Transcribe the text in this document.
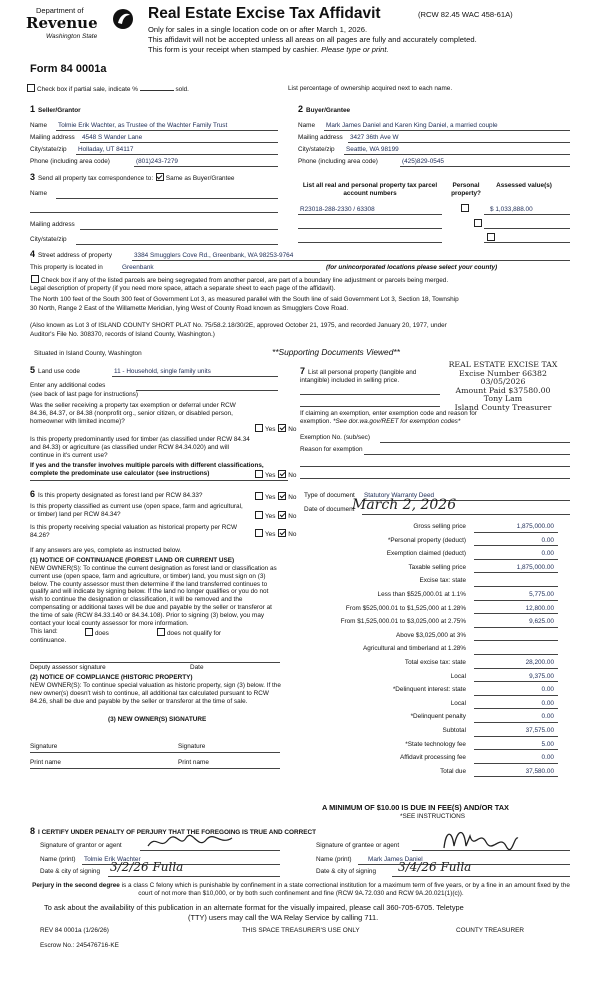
Department of
Revenue
Washington State
Form 84 0001a
Real Estate Excise Tax Affidavit	(RCW 82.45 WAC 458-61A)
Only for sales in a single location code on or after March 1, 2026.
This affidavit will not be accepted unless all areas on all pages are fully and accurately completed.
This form is your receipt when stamped by cashier. Please type or print.
Check box if partial sale, indicate %	sold.	List percentage of ownership acquired next to each name.
1 Seller/Grantor
Name Tolmie Erik Wachter, as Trustee of the Wachter Family Trust
Mailing address 4548 S Wander Lane
City/state/zip Holladay, UT 84117
Phone (including area code)	(801)243-7279
2 Buyer/Grantee
Name Mark James Daniel and Karen King Daniel, a married couple
Mailing address 3427 36th Ave W
City/state/zip Seattle, WA 98199
Phone (including area code)	(425)829-0545
3 Send all property tax correspondence to: Same as Buyer/Grantee
Name
Mailing address
City/state/zip
List all real and personal property tax parcel account numbers
Personal property?
Assessed value(s)
R23018-288-2330 / 63308
	$ 1,033,888.00
4 Street address of property	3384 Smugglers Cove Rd., Greenbank, WA 98253-9764
This property is located in	Greenbank	(for unincorporated locations please select your county)
Check box if any of the listed parcels are being segregated from another parcel, are part of a boundary line adjustment or parcels being merged.
Legal description of property (if you need more space, attach a separate sheet to each page of the affidavit).
The North 100 feet of the South 300 feet of Government Lot 3, as measured parallel with the South line of said Government Lot 3, Section 18, Township
30 North, Range 2 East of the Willamette Meridian, lying West of County Road known as Smugglers Cove Road.
(Also known as Lot 3 of ISLAND COUNTY SHORT PLAT No. 75/58.2.18/30/2E, approved October 21, 1975, and recorded January 20, 1977, under
Auditor's File No. 308370, records of Island County, Washington.)
Situated in Island County, Washington	**Supporting Documents Viewed**
5 Land use code	11 - Household, single family units
Enter any additional codes
(see back of last page for instructions)
Was the seller receiving a property tax exemption or deferral under RCW 84.36, 84.37, or 84.38 (nonprofit org., senior citizen, or disabled person, homeowner with limited income)?
Yes No
Is this property predominantly used for timber (as classified under RCW 84.34 and 84.33) or agriculture (as classified under RCW 84.34.020) and will continue in it's current use?
If yes and the transfer involves multiple parcels with different classifications, complete the predominate use calculator (see instructions)	Yes No
7 List all personal property (tangible and intangible) included in selling price.
If claiming an exemption, enter exemption code and reason for exemption. *See dor.wa.gov/REET for exemption codes*
Exemption No. (sub/sec)
Reason for exemption
REAL ESTATE EXCISE TAX
Excise Number 66382
03/05/2026
Amount Paid $37580.00
Tony Lam
Island County Treasurer
6 Is this property designated as forest land per RCW 84.33?	Yes No
Is this property classified as current use (open space, farm and agricultural, or timber) land per RCW 84.34?	Yes No
Is this property receiving special valuation as historical property per RCW 84.26?	Yes No
If any answers are yes, complete as instructed below.
(1) NOTICE OF CONTINUANCE (FOREST LAND OR CURRENT USE)
NEW OWNER(S): To continue the current designation as forest land or classification as current use (open space, farm and agriculture, or timber) land, you must sign on (3) below. The county assessor must then determine if the land transferred continues to qualify and will indicate by signing below. If the land no longer qualifies or you do not wish to continue the designation or classification, it will be removed and the compensating or additional taxes will be due and payable by the seller or transferor at the time of sale (RCW 84.33.140 or 84.34.108). Prior to signing (3) below, you may contact your local county assessor for more information.
This land:	does	does not qualify for
continuance.
Deputy assessor signature	Date
(2) NOTICE OF COMPLIANCE (HISTORIC PROPERTY)
NEW OWNER(S): To continue special valuation as historic property, sign (3) below. If the new owner(s) doesn't wish to continue, all additional tax calculated pursuant to RCW 84.26, shall be due and payable by the seller or transferor at the time of sale.
(3) NEW OWNER(S) SIGNATURE
Signature	Signature
Print name	Print name
Type of document Statutory Warranty Deed
Date of document
March 2, 2026
Gross selling price	1,875,000.00
*Personal property (deduct)	0.00
Exemption claimed (deduct)	0.00
Taxable selling price	1,875,000.00
Excise tax: state
Less than $525,000.01 at 1.1%	5,775.00
From $525,000.01 to $1,525,000 at 1.28%	12,800.00
From $1,525,000.01 to $3,025,000 at 2.75%	9,625.00
Above $3,025,000 at 3%
Agricultural and timberland at 1.28%
Total excise tax: state	28,200.00
Local	9,375.00
*Delinquent interest: state	0.00
Local	0.00
*Delinquent penalty	0.00
Subtotal	37,575.00
*State technology fee	5.00
Affidavit processing fee	0.00
Total due	37,580.00
A MINIMUM OF $10.00 IS DUE IN FEE(S) AND/OR TAX
*SEE INSTRUCTIONS
8 I CERTIFY UNDER PENALTY OF PERJURY THAT THE FOREGOING IS TRUE AND CORRECT
Signature of grantor or agent
Name (print) Tolmie Erik Wachter
Date & city of signing 3/2/26 Fulla
Signature of grantee or agent
Name (print)	Mark James Daniel
Date & city of signing 3/4/26 Fulla
Perjury in the second degree is a class C felony which is punishable by confinement in a state correctional institution for a maximum term of five years, or by a fine in an amount fixed by the court of not more than $10,000, or by both such confinement and fine (RCW 9A.72.030 and RCW 9A.20.021(1)(c)).
To ask about the availability of this publication in an alternate format for the visually impaired, please call 360-705-6705. Teletype
(TTY) users may call the WA Relay Service by calling 711.
REV 84 0001a (1/26/26)	THIS SPACE TREASURER'S USE ONLY	COUNTY TREASURER
Escrow No.: 245476716-KE
